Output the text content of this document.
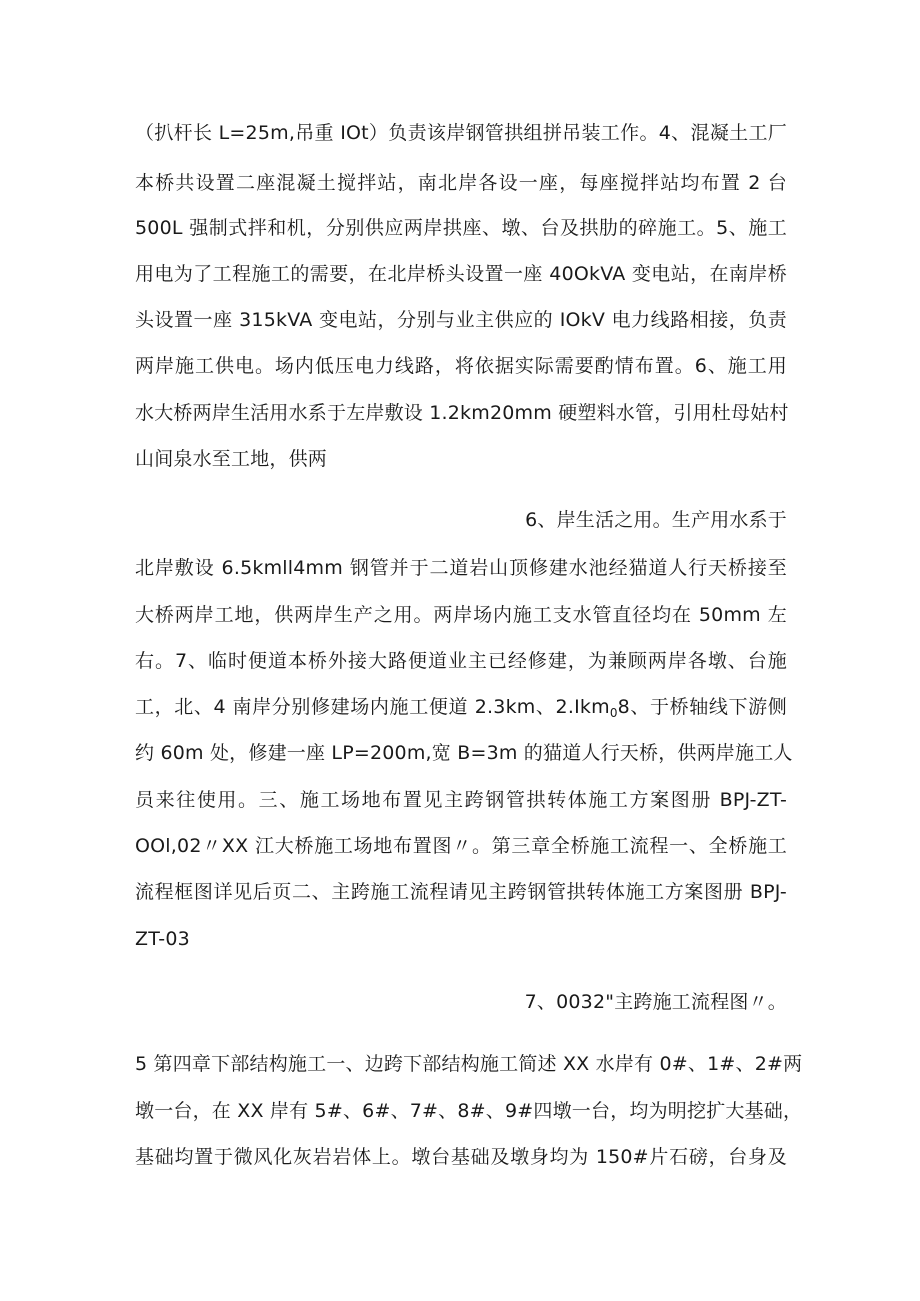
（扒杆长 L=25m,吊重 IOt）负责该岸钢管拱组拼吊装工作。4、混凝土工厂
本桥共设置二座混凝土搅拌站，南北岸各设一座，每座搅拌站均布置 2 台
500L 强制式拌和机，分别供应两岸拱座、墩、台及拱肋的碎施工。5、施工
用电为了工程施工的需要，在北岸桥头设置一座 40OkVA 变电站，在南岸桥
头设置一座 315kVA 变电站，分别与业主供应的 IOkV 电力线路相接，负责
两岸施工供电。场内低压电力线路，将依据实际需要酌情布置。6、施工用
水大桥两岸生活用水系于左岸敷设 1.2km20mm 硬塑料水管，引用杜母姑村
山间泉水至工地，供两
6、岸生活之用。生产用水系于
北岸敷设 6.5kmll4mm 钢管并于二道岩山顶修建水池经猫道人行天桥接至
大桥两岸工地，供两岸生产之用。两岸场内施工支水管直径均在 50mm 左
右。7、临时便道本桥外接大路便道业主已经修建，为兼顾两岸各墩、台施
工，北、4 南岸分别修建场内施工便道 2.3km、2.Ikm$_0$8、于桥轴线下游侧
约 60m 处，修建一座 LP=200m,宽 B=3m 的猫道人行天桥，供两岸施工人
员来往使用。三、施工场地布置见主跨钢管拱转体施工方案图册 BPJ-ZT-
OOl,02〃XX 江大桥施工场地布置图〃。第三章全桥施工流程一、全桥施工
流程框图详见后页二、主跨施工流程请见主跨钢管拱转体施工方案图册 BPJ-
ZT-03
7、0032"主跨施工流程图〃。
5 第四章下部结构施工一、边跨下部结构施工简述 XX 水岸有 0#、1#、2#两
墩一台，在 XX 岸有 5#、6#、7#、8#、9#四墩一台，均为明挖扩大基础，
基础均置于微风化灰岩岩体上。墩台基础及墩身均为 150#片石磅，台身及
